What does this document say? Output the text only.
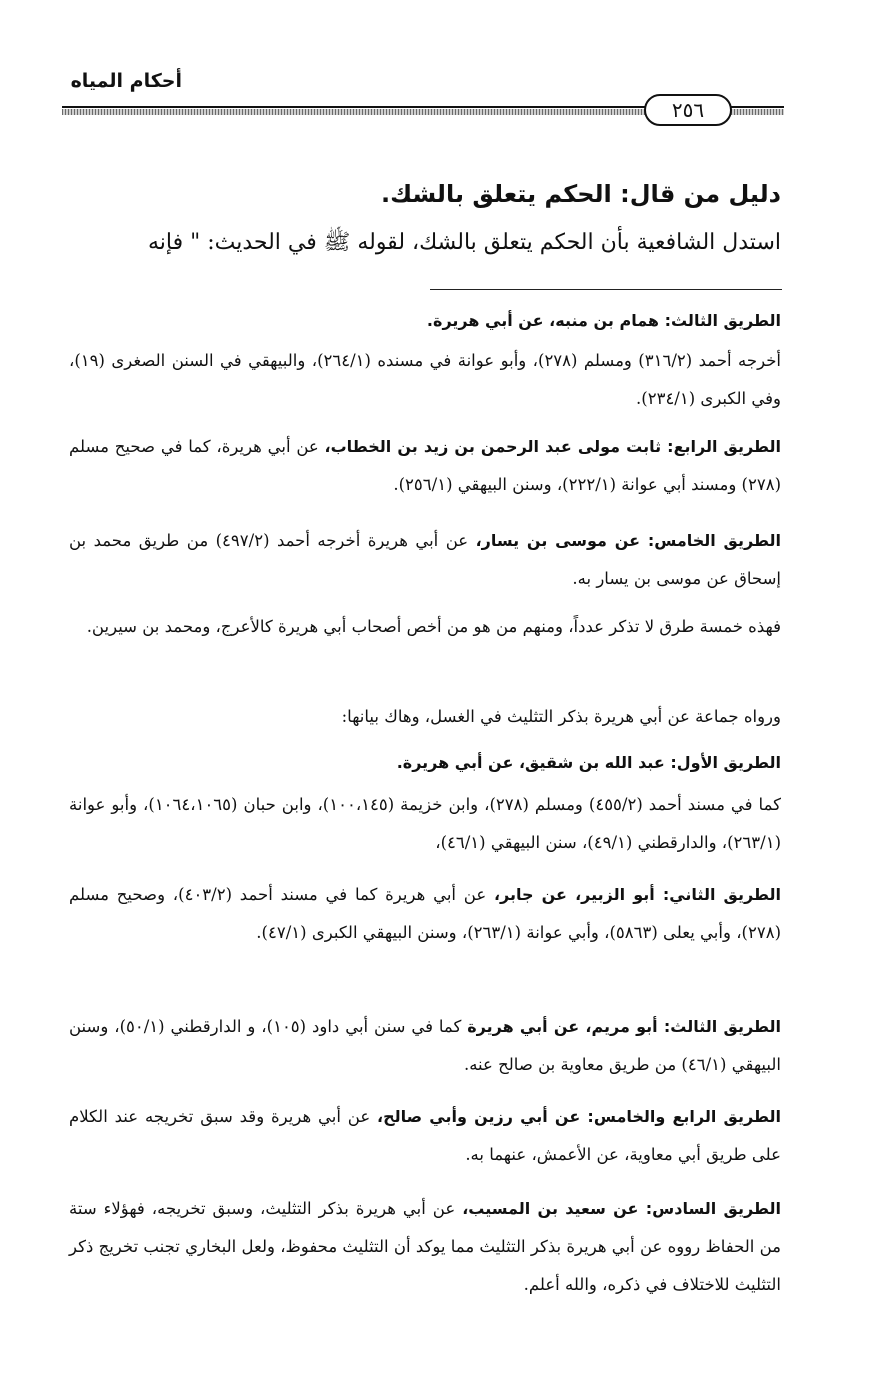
أحكام المياه
٢٥٦
دليل من قال: الحكم يتعلق بالشك.
استدل الشافعية بأن الحكم يتعلق بالشك، لقوله ﷺ في الحديث: " فإنه
الطريق الثالث: همام بن منبه، عن أبي هريرة.
أخرجه أحمد (٣١٦/٢) ومسلم (٢٧٨)، وأبو عوانة في مسنده (٢٦٤/١)، والبيهقي في السنن الصغرى (١٩)، وفي الكبرى (٢٣٤/١).
الطريق الرابع: ثابت مولى عبد الرحمن بن زيد بن الخطاب، عن أبي هريرة، كما في صحيح مسلم (٢٧٨) ومسند أبي عوانة (٢٢٢/١)، وسنن البيهقي (٢٥٦/١).
الطريق الخامس: عن موسى بن يسار، عن أبي هريرة أخرجه أحمد (٤٩٧/٢) من طريق محمد بن إسحاق عن موسى بن يسار به.
فهذه خمسة طرق لا تذكر عدداً، ومنهم من هو من أخص أصحاب أبي هريرة كالأعرج، ومحمد بن سيرين.
ورواه جماعة عن أبي هريرة بذكر التثليث في الغسل، وهاك بيانها:
الطريق الأول: عبد الله بن شقيق، عن أبي هريرة.
كما في مسند أحمد (٤٥٥/٢) ومسلم (٢٧٨)، وابن خزيمة (١٠٠،١٤٥)، وابن حبان (١٠٦٤،١٠٦٥)، وأبو عوانة (٢٦٣/١)، والدارقطني (٤٩/١)، سنن البيهقي (٤٦/١)،
الطريق الثاني: أبو الزبير، عن جابر، عن أبي هريرة كما في مسند أحمد (٤٠٣/٢)، وصحيح مسلم (٢٧٨)، وأبي يعلى (٥٨٦٣)، وأبي عوانة (٢٦٣/١)، وسنن البيهقي الكبرى (٤٧/١).
الطريق الثالث: أبو مريم، عن أبي هريرة كما في سنن أبي داود (١٠٥)، و الدارقطني (٥٠/١)، وسنن البيهقي (٤٦/١) من طريق معاوية بن صالح عنه.
الطريق الرابع والخامس: عن أبي رزين وأبي صالح، عن أبي هريرة وقد سبق تخريجه عند الكلام على طريق أبي معاوية، عن الأعمش، عنهما به.
الطريق السادس: عن سعيد بن المسيب، عن أبي هريرة بذكر التثليث، وسبق تخريجه، فهؤلاء ستة من الحفاظ رووه عن أبي هريرة بذكر التثليث مما يوكد أن التثليث محفوظ، ولعل البخاري تجنب تخريج ذكر التثليث للاختلاف في ذكره، والله أعلم.
